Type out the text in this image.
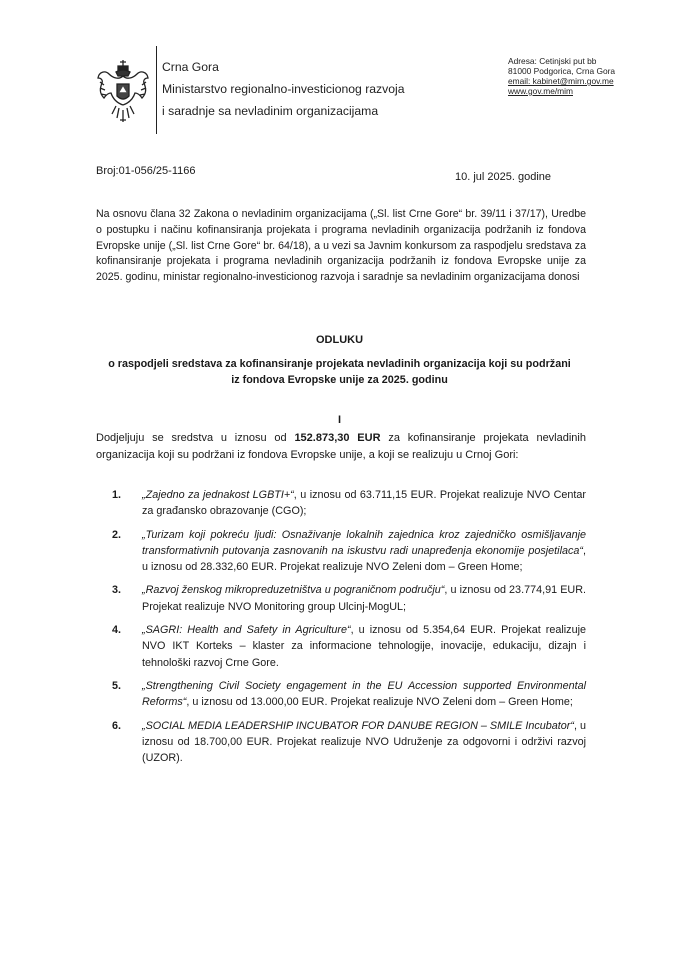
Crna Gora
Ministarstvo regionalno-investicionog razvoja
i saradnje sa nevladinim organizacijama
Adresa: Cetinjski put bb
81000 Podgorica, Crna Gora
email: kabinet@mirn.gov.me
www.gov.me/mim
Broj:01-056/25-1166	10. jul 2025. godine
Na osnovu člana 32 Zakona o nevladinim organizacijama („Sl. list Crne Gore“ br. 39/11 i 37/17), Uredbe o postupku i načinu kofinansiranja projekata i programa nevladinih organizacija podržanih iz fondova Evropske unije („Sl. list Crne Gore“ br. 64/18), a u vezi sa Javnim konkursom za raspodjelu sredstava za kofinansiranje projekata i programa nevladinih organizacija podržanih iz fondova Evropske unije za 2025. godinu, ministar regionalno-investicionog razvoja i saradnje sa nevladinim organizacijama donosi
ODLUKU
o raspodjeli sredstava za kofinansiranje projekata nevladinih organizacija koji su podržani iz fondova Evropske unije za 2025. godinu
I
Dodjeljuju se sredstva u iznosu od 152.873,30 EUR za kofinansiranje projekata nevladinih organizacija koji su podržani iz fondova Evropske unije, a koji se realizuju u Crnoj Gori:
1. „Zajedno za jednakost LGBTI+“, u iznosu od 63.711,15 EUR. Projekat realizuje NVO Centar za građansko obrazovanje (CGO);
2. „Turizam koji pokreću ljudi: Osnaživanje lokalnih zajednica kroz zajedničko osmišljavanje transformativnih putovanja zasnovanih na iskustvu radi unapređenja ekonomije posjetilaca“, u iznosu od 28.332,60 EUR. Projekat realizuje NVO Zeleni dom – Green Home;
3. „Razvoj ženskog mikropreduzetništva u pograničnom području“, u iznosu od 23.774,91 EUR. Projekat realizuje NVO Monitoring group Ulcinj-MogUL;
4. „SAGRI: Health and Safety in Agriculture“, u iznosu od 5.354,64 EUR. Projekat realizuje NVO IKT Korteks – klaster za informacione tehnologije, inovacije, edukaciju, dizajn i tehnološki razvoj Crne Gore.
5. „Strengthening Civil Society engagement in the EU Accession supported Environmental Reforms“, u iznosu od 13.000,00 EUR. Projekat realizuje NVO Zeleni dom – Green Home;
6. „SOCIAL MEDIA LEADERSHIP INCUBATOR FOR DANUBE REGION – SMILE Incubator“, u iznosu od 18.700,00 EUR. Projekat realizuje NVO Udruženje za odgovorni i održivi razvoj (UZOR).
